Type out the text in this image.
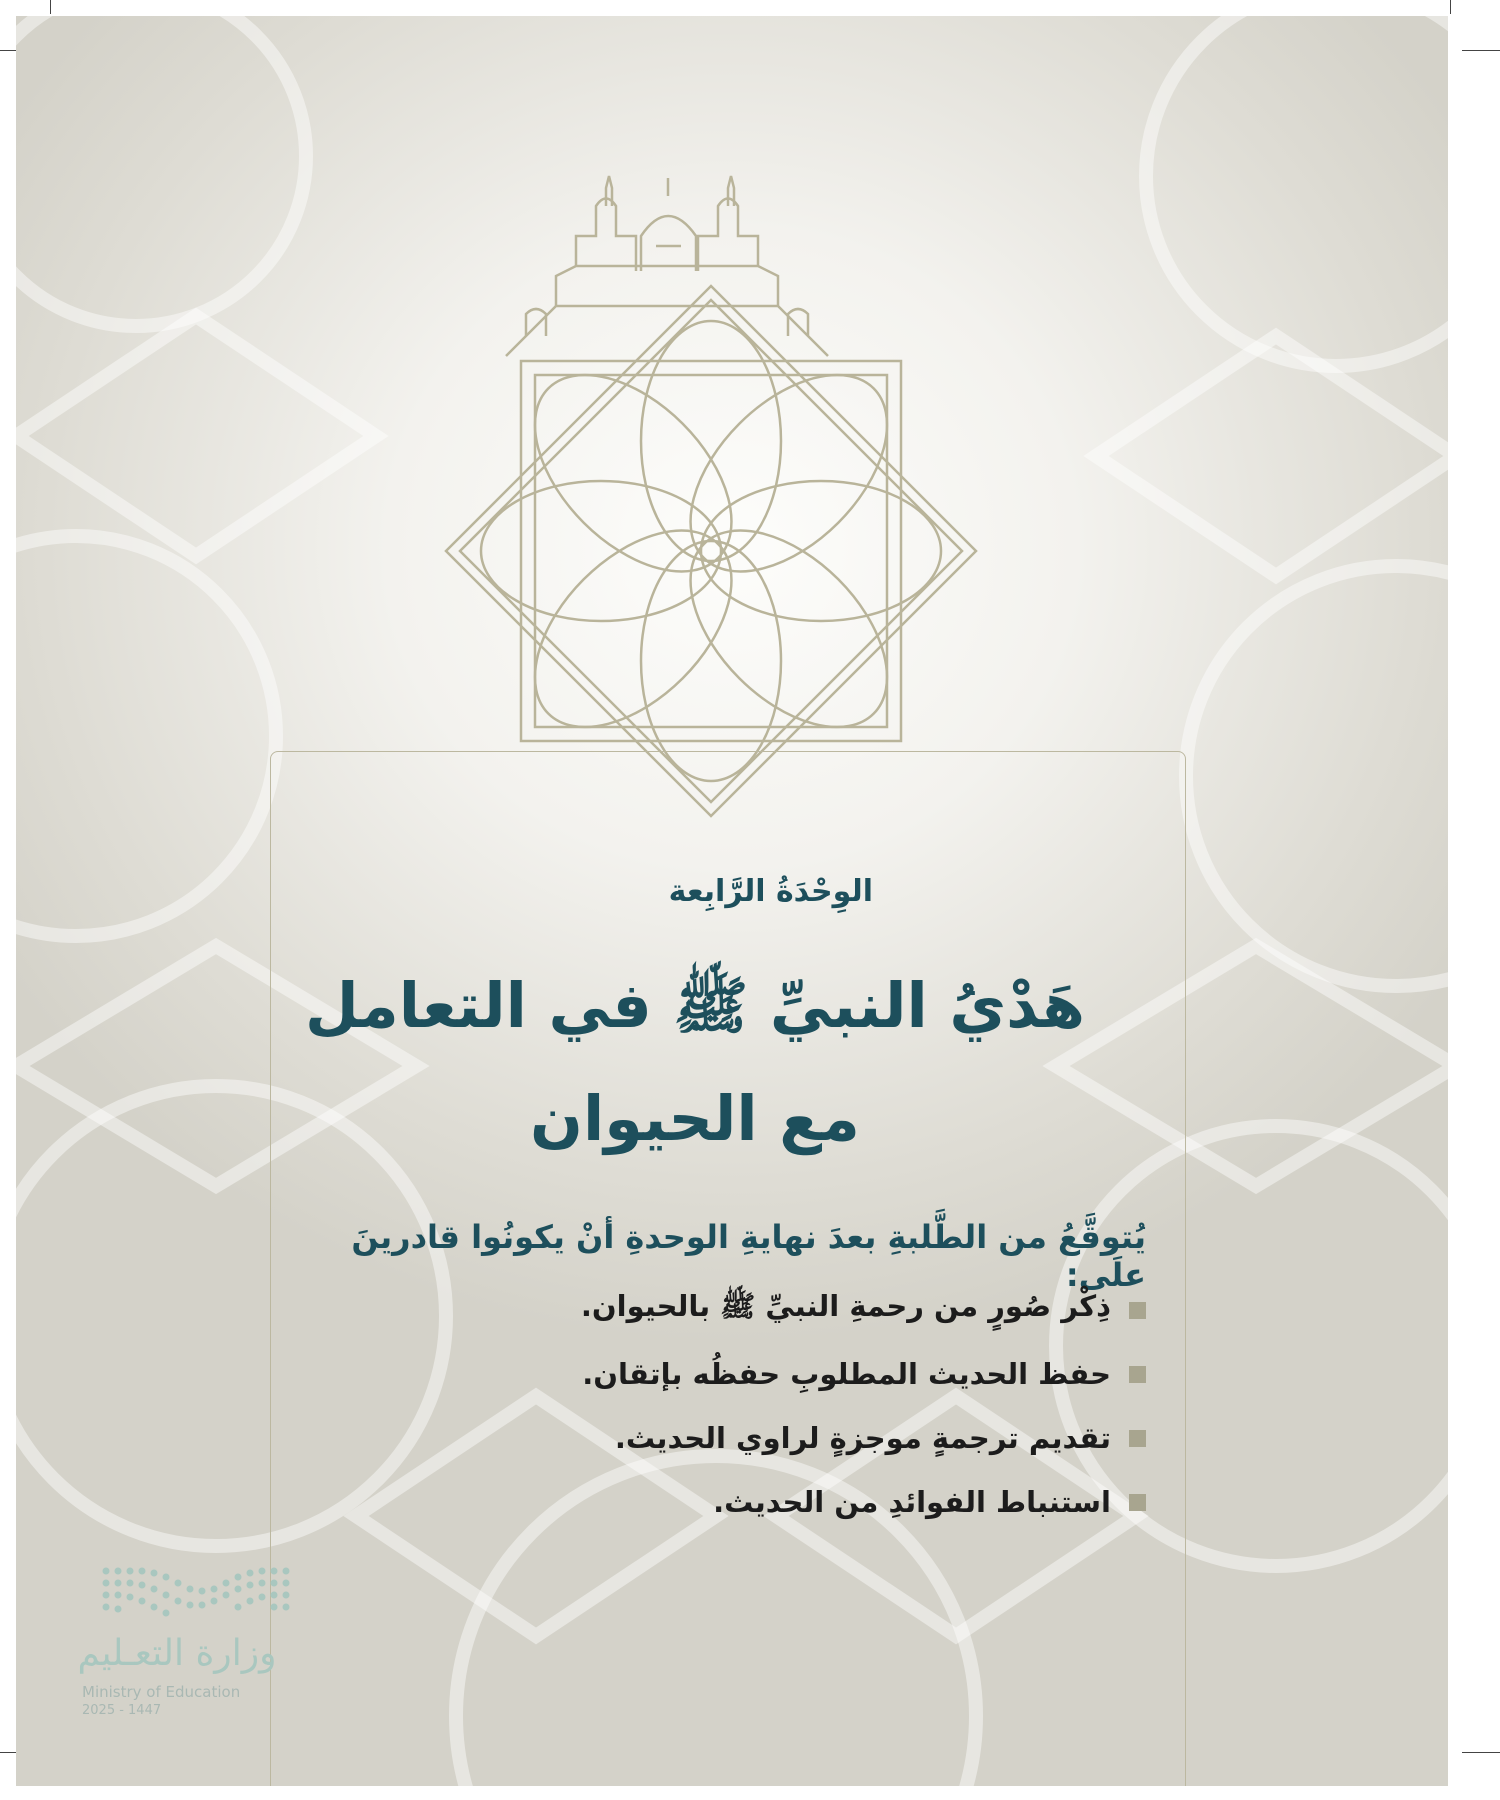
الوِحْدَةُ الرَّابِعة
هَدْيُ النبيِّ ﷺ في التعامل
مع الحيوان
يُتوقَّعُ من الطَّلبةِ بعدَ نهايةِ الوحدةِ أنْ يكونُوا قادرينَ علَى:
ذِكْر صُورٍ من رحمةِ النبيِّ ﷺ بالحيوان.
حفظ الحديث المطلوبِ حفظُه بإتقان.
تقديم ترجمةٍ موجزةٍ لراوي الحديث.
استنباط الفوائدِ من الحديث.
وزارة التعـليم
Ministry of Education
2025 - 1447
